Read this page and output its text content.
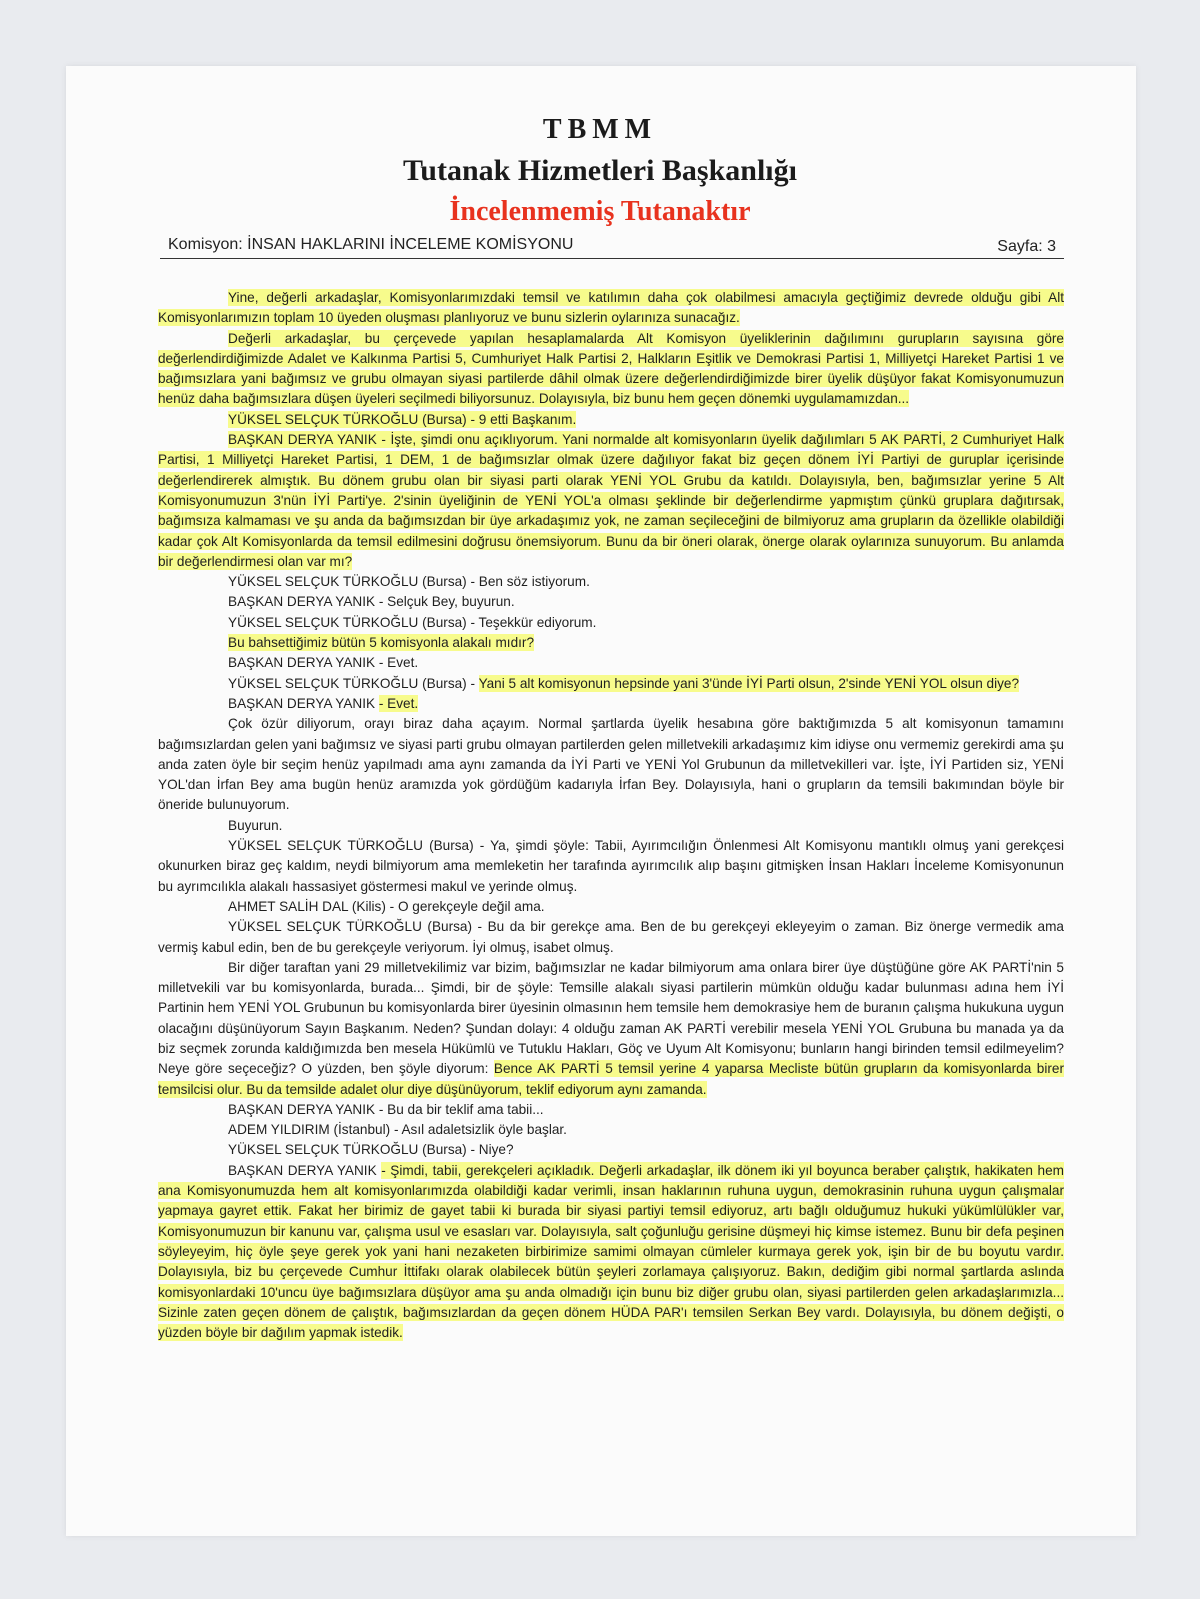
TBMM
Tutanak Hizmetleri Başkanlığı
İncelenmemiş Tutanaktır
Komisyon: İNSAN HAKLARINI İNCELEME KOMİSYONU	Sayfa: 3

Yine, değerli arkadaşlar, Komisyonlarımızdaki temsil ve katılımın daha çok olabilmesi amacıyla geçtiğimiz devrede olduğu gibi Alt Komisyonlarımızın toplam 10 üyeden oluşması planlıyoruz ve bunu sizlerin oylarınıza sunacağız.

Değerli arkadaşlar, bu çerçevede yapılan hesaplamalarda Alt Komisyon üyeliklerinin dağılımını gurupların sayısına göre değerlendirdiğimizde Adalet ve Kalkınma Partisi 5, Cumhuriyet Halk Partisi 2, Halkların Eşitlik ve Demokrasi Partisi 1, Milliyetçi Hareket Partisi 1 ve bağımsızlara yani bağımsız ve grubu olmayan siyasi partilerde dâhil olmak üzere değerlendirdiğimizde birer üyelik düşüyor fakat Komisyonumuzun henüz daha bağımsızlara düşen üyeleri seçilmedi biliyorsunuz. Dolayısıyla, biz bunu hem geçen dönemki uygulamamızdan...

YÜKSEL SELÇUK TÜRKOĞLU (Bursa) - 9 etti Başkanım.

BAŞKAN DERYA YANIK - İşte, şimdi onu açıklıyorum. Yani normalde alt komisyonların üyelik dağılımları 5 AK PARTİ, 2 Cumhuriyet Halk Partisi, 1 Milliyetçi Hareket Partisi, 1 DEM, 1 de bağımsızlar olmak üzere dağılıyor fakat biz geçen dönem İYİ Partiyi de guruplar içerisinde değerlendirerek almıştık. Bu dönem grubu olan bir siyasi parti olarak YENİ YOL Grubu da katıldı. Dolayısıyla, ben, bağımsızlar yerine 5 Alt Komisyonumuzun 3'nün İYİ Parti'ye. 2'sinin üyeliğinin de YENİ YOL'a olması şeklinde bir değerlendirme yapmıştım çünkü gruplara dağıtırsak, bağımsıza kalmaması ve şu anda da bağımsızdan bir üye arkadaşımız yok, ne zaman seçileceğini de bilmiyoruz ama grupların da özellikle olabildiği kadar çok Alt Komisyonlarda da temsil edilmesini doğrusu önemsiyorum. Bunu da bir öneri olarak, önerge olarak oylarınıza sunuyorum. Bu anlamda bir değerlendirmesi olan var mı?

YÜKSEL SELÇUK TÜRKOĞLU (Bursa) - Ben söz istiyorum.

BAŞKAN DERYA YANIK - Selçuk Bey, buyurun.

YÜKSEL SELÇUK TÜRKOĞLU (Bursa) - Teşekkür ediyorum.

Bu bahsettiğimiz bütün 5 komisyonla alakalı mıdır?

BAŞKAN DERYA YANIK - Evet.

YÜKSEL SELÇUK TÜRKOĞLU (Bursa) - Yani 5 alt komisyonun hepsinde yani 3'ünde İYİ Parti olsun, 2'sinde YENİ YOL olsun diye?

BAŞKAN DERYA YANIK - Evet.

Çok özür diliyorum, orayı biraz daha açayım. Normal şartlarda üyelik hesabına göre baktığımızda 5 alt komisyonun tamamını bağımsızlardan gelen yani bağımsız ve siyasi parti grubu olmayan partilerden gelen milletvekili arkadaşımız kim idiyse onu vermemiz gerekirdi ama şu anda zaten öyle bir seçim henüz yapılmadı ama aynı zamanda da İYİ Parti ve YENİ Yol Grubunun da milletvekilleri var. İşte, İYİ Partiden siz, YENİ YOL'dan İrfan Bey ama bugün henüz aramızda yok gördüğüm kadarıyla İrfan Bey. Dolayısıyla, hani o grupların da temsili bakımından böyle bir öneride bulunuyorum.

Buyurun.

YÜKSEL SELÇUK TÜRKOĞLU (Bursa) - Ya, şimdi şöyle: Tabii, Ayırımcılığın Önlenmesi Alt Komisyonu mantıklı olmuş yani gerekçesi okunurken biraz geç kaldım, neydi bilmiyorum ama memleketin her tarafında ayırımcılık alıp başını gitmişken İnsan Hakları İnceleme Komisyonunun bu ayrımcılıkla alakalı hassasiyet göstermesi makul ve yerinde olmuş.

AHMET SALİH DAL (Kilis) - O gerekçeyle değil ama.

YÜKSEL SELÇUK TÜRKOĞLU (Bursa) - Bu da bir gerekçe ama. Ben de bu gerekçeyi ekleyeyim o zaman. Biz önerge vermedik ama vermiş kabul edin, ben de bu gerekçeyle veriyorum. İyi olmuş, isabet olmuş.

Bir diğer taraftan yani 29 milletvekilimiz var bizim, bağımsızlar ne kadar bilmiyorum ama onlara birer üye düştüğüne göre AK PARTİ'nin 5 milletvekili var bu komisyonlarda, burada... Şimdi, bir de şöyle: Temsille alakalı siyasi partilerin mümkün olduğu kadar bulunması adına hem İYİ Partinin hem YENİ YOL Grubunun bu komisyonlarda birer üyesinin olmasının hem temsile hem demokrasiye hem de buranın çalışma hukukuna uygun olacağını düşünüyorum Sayın Başkanım. Neden? Şundan dolayı: 4 olduğu zaman AK PARTİ verebilir mesela YENİ YOL Grubuna bu manada ya da biz seçmek zorunda kaldığımızda ben mesela Hükümlü ve Tutuklu Hakları, Göç ve Uyum Alt Komisyonu; bunların hangi birinden temsil edilmeyelim? Neye göre seçeceğiz? O yüzden, ben şöyle diyorum: Bence AK PARTİ 5 temsil yerine 4 yaparsa Mecliste bütün grupların da komisyonlarda birer temsilcisi olur. Bu da temsilde adalet olur diye düşünüyorum, teklif ediyorum aynı zamanda.

BAŞKAN DERYA YANIK - Bu da bir teklif ama tabii...

ADEM YILDIRIM (İstanbul) - Asıl adaletsizlik öyle başlar.

YÜKSEL SELÇUK TÜRKOĞLU (Bursa) - Niye?

BAŞKAN DERYA YANIK - Şimdi, tabii, gerekçeleri açıkladık. Değerli arkadaşlar, ilk dönem iki yıl boyunca beraber çalıştık, hakikaten hem ana Komisyonumuzda hem alt komisyonlarımızda olabildiği kadar verimli, insan haklarının ruhuna uygun, demokrasinin ruhuna uygun çalışmalar yapmaya gayret ettik. Fakat her birimiz de gayet tabii ki burada bir siyasi partiyi temsil ediyoruz, artı bağlı olduğumuz hukuki yükümlülükler var, Komisyonumuzun bir kanunu var, çalışma usul ve esasları var. Dolayısıyla, salt çoğunluğu gerisine düşmeyi hiç kimse istemez. Bunu bir defa peşinen söyleyeyim, hiç öyle şeye gerek yok yani hani nezaketen birbirimize samimi olmayan cümleler kurmaya gerek yok, işin bir de bu boyutu vardır. Dolayısıyla, biz bu çerçevede Cumhur İttifakı olarak olabilecek bütün şeyleri zorlamaya çalışıyoruz. Bakın, dediğim gibi normal şartlarda aslında komisyonlardaki 10'uncu üye bağımsızlara düşüyor ama şu anda olmadığı için bunu biz diğer grubu olan, siyasi partilerden gelen arkadaşlarımızla... Sizinle zaten geçen dönem de çalıştık, bağımsızlardan da geçen dönem HÜDA PAR'ı temsilen Serkan Bey vardı. Dolayısıyla, bu dönem değişti, o yüzden böyle bir dağılım yapmak istedik.
